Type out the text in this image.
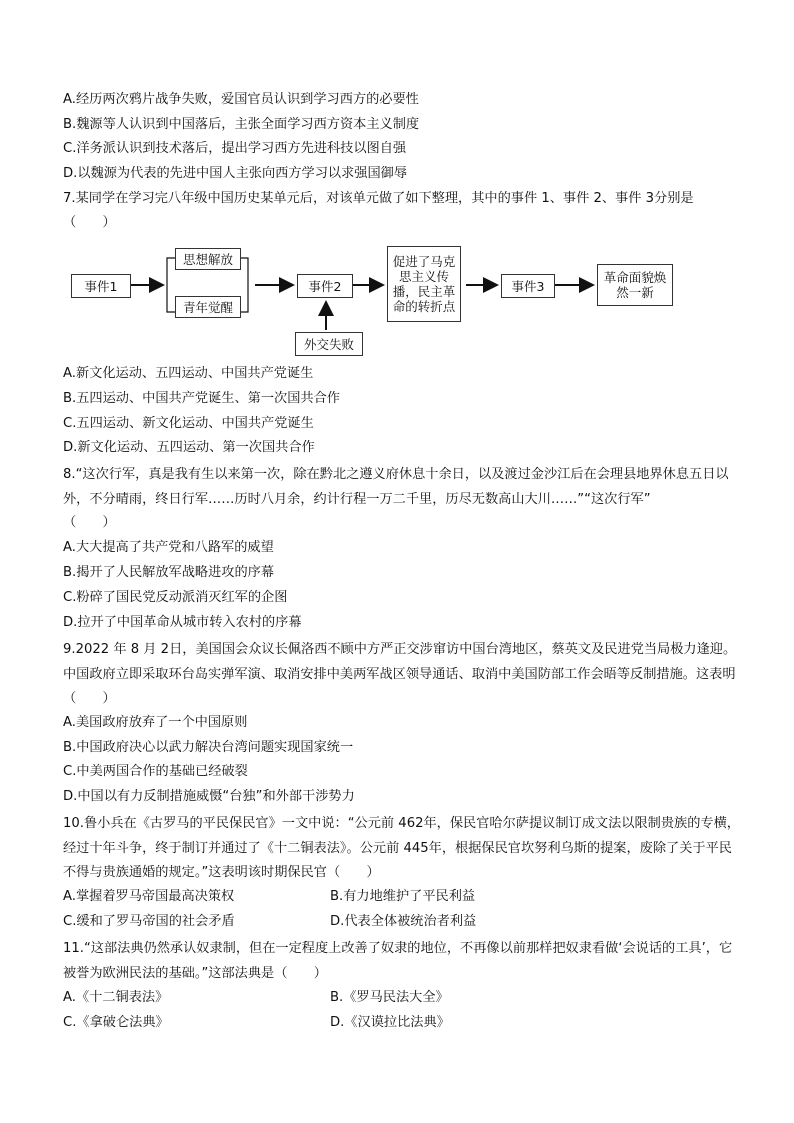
A.经历两次鸦片战争失败，爱国官员认识到学习西方的必要性
B.魏源等人认识到中国落后，主张全面学习西方资本主义制度
C.洋务派认识到技术落后，提出学习西方先进科技以图自强
D.以魏源为代表的先进中国人主张向西方学习以求强国御辱
7.某同学在学习完八年级中国历史某单元后，对该单元做了如下整理，其中的事件 1、事件 2、事件 3分别是
（　　）
事件1
思想解放
青年觉醒
事件2
外交失败
促进了马克思主义传播，民主革命的转折点
事件3
革命面貌焕然一新
A.新文化运动、五四运动、中国共产党诞生
B.五四运动、中国共产党诞生、第一次国共合作
C.五四运动、新文化运动、中国共产党诞生
D.新文化运动、五四运动、第一次国共合作
8.“这次行军，真是我有生以来第一次，除在黔北之遵义府休息十余日，以及渡过金沙江后在会理县地界休息五日以外，不分晴雨，终日行军……历时八月余，约计行程一万二千里，历尽无数高山大川……”“这次行军”
（　　）
A.大大提高了共产党和八路军的威望
B.揭开了人民解放军战略进攻的序幕
C.粉碎了国民党反动派消灭红军的企图
D.拉开了中国革命从城市转入农村的序幕
9.2022 年 8 月 2日，美国国会众议长佩洛西不顾中方严正交涉窜访中国台湾地区，蔡英文及民进党当局极力逢迎。中国政府立即采取环台岛实弹军演、取消安排中美两军战区领导通话、取消中美国防部工作会晤等反制措施。这表明（　　）
A.美国政府放弃了一个中国原则
B.中国政府决心以武力解决台湾问题实现国家统一
C.中美两国合作的基础已经破裂
D.中国以有力反制措施威慑“台独”和外部干涉势力
10.鲁小兵在《古罗马的平民保民官》一文中说：“公元前 462年，保民官哈尔萨提议制订成文法以限制贵族的专横，经过十年斗争，终于制订并通过了《十二铜表法》。公元前 445年，根据保民官坎努利乌斯的提案，废除了关于平民不得与贵族通婚的规定。”这表明该时期保民官（　　）
A.掌握着罗马帝国最高决策权	B.有力地维护了平民利益
C.缓和了罗马帝国的社会矛盾	D.代表全体被统治者利益
11.“这部法典仍然承认奴隶制，但在一定程度上改善了奴隶的地位，不再像以前那样把奴隶看做‘会说话的工具’，它被誉为欧洲民法的基础。”这部法典是（　　）
A.《十二铜表法》	B.《罗马民法大全》
C.《拿破仑法典》	D.《汉谟拉比法典》
